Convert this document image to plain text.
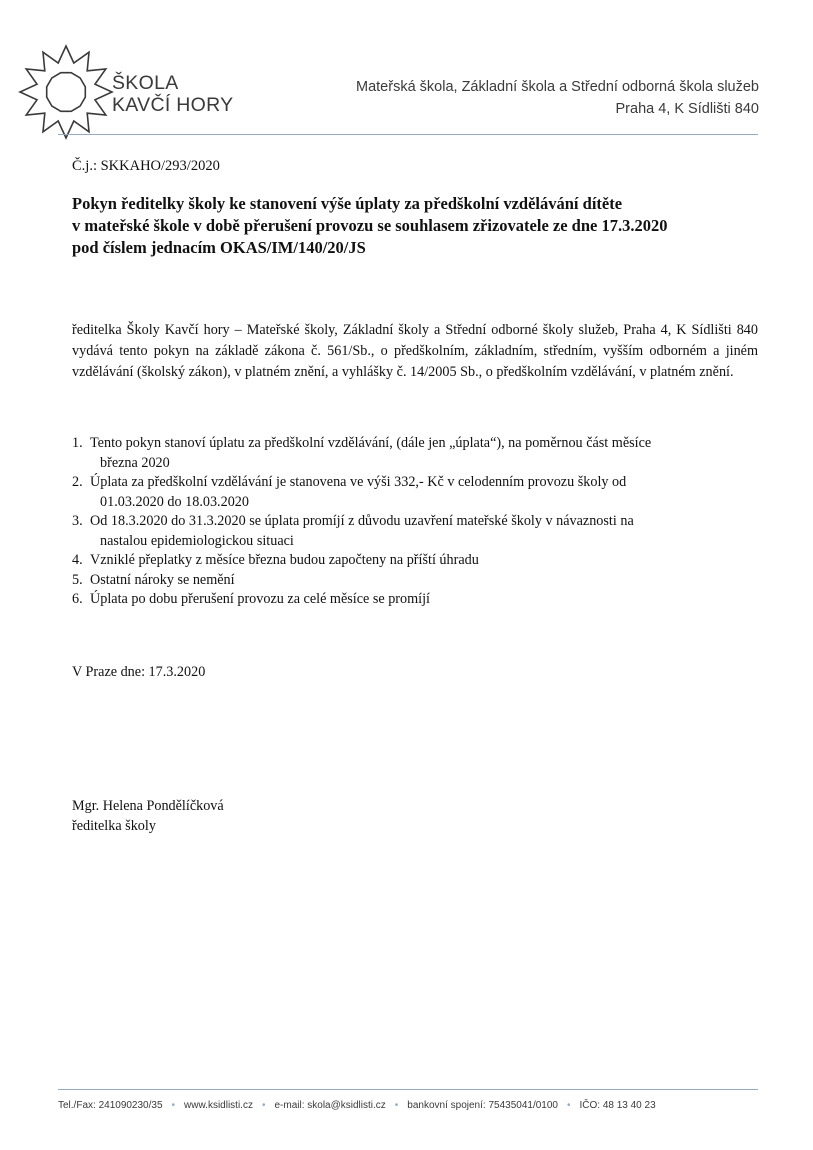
ŠKOLA
KAVČÍ HORY
Mateřská škola, Základní škola a Střední odborná škola služeb
Praha 4, K Sídlišti 840
Č.j.: SKKAHO/293/2020
Pokyn ředitelky školy ke stanovení výše úplaty za předškolní vzdělávání dítěte
v mateřské škole v době přerušení provozu se souhlasem zřizovatele ze dne 17.3.2020
pod číslem jednacím OKAS/IM/140/20/JS
ředitelka Školy Kavčí hory – Mateřské školy, Základní školy a Střední odborné školy služeb, Praha 4, K Sídlišti 840 vydává tento pokyn na základě zákona č. 561/Sb., o předškolním, základním, středním, vyšším odborném a jiném vzdělávání (školský zákon), v platném znění, a vyhlášky č. 14/2005 Sb., o předškolním vzdělávání, v platném znění.
1. Tento pokyn stanoví úplatu za předškolní vzdělávání, (dále jen „úplata“), na poměrnou část měsíce
března 2020
2. Úplata za předškolní vzdělávání je stanovena ve výši 332,- Kč v celodenním provozu školy od
01.03.2020 do 18.03.2020
3. Od 18.3.2020 do 31.3.2020 se úplata promíjí z důvodu uzavření mateřské školy v návaznosti na
nastalou epidemiologickou situaci
4. Vzniklé přeplatky z měsíce března budou započteny na příští úhradu
5. Ostatní nároky se nemění
6. Úplata po dobu přerušení provozu za celé měsíce se promíjí
V Praze dne: 17.3.2020
Mgr. Helena Pondělíčková
ředitelka školy
Tel./Fax: 241090230/35 • www.ksidlisti.cz • e-mail: skola@ksidlisti.cz • bankovní spojení: 75435041/0100 • IČO: 48 13 40 23
